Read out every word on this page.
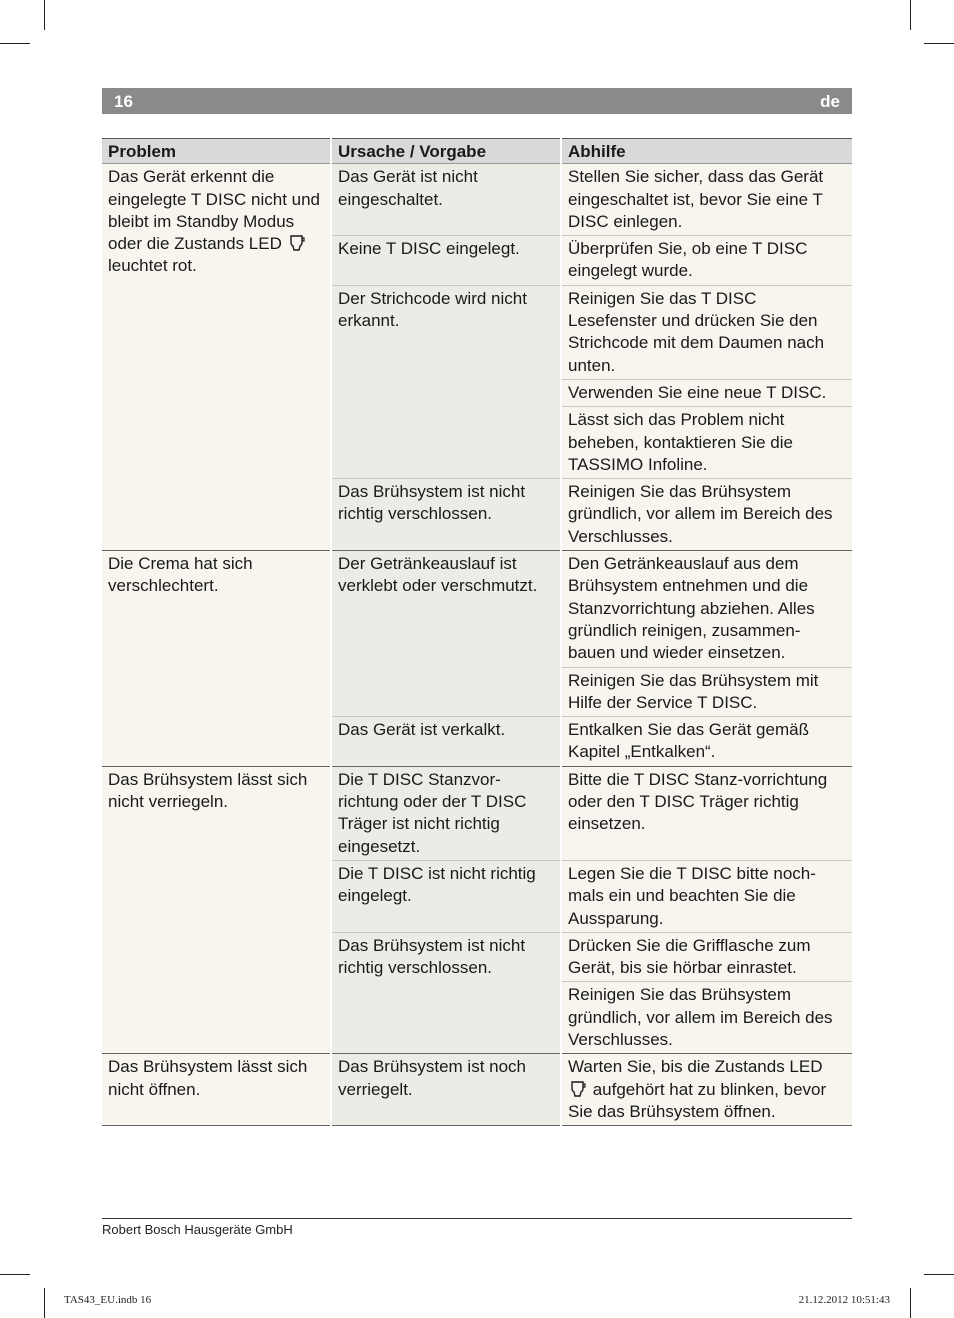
16	de
Problem	Ursache / Vorgabe	Abhilfe
Das Gerät erkennt die eingelegte T DISC nicht und bleibt im Standby Modus oder die Zustands LED  leuchtet rot.	Das Gerät ist nicht eingeschaltet.	Stellen Sie sicher, dass das Gerät eingeschaltet ist, bevor Sie eine T DISC einlegen.
	Keine T DISC eingelegt.	Überprüfen Sie, ob eine T DISC eingelegt wurde.
	Der Strichcode wird nicht erkannt.	Reinigen Sie das T DISC Lesefenster und drücken Sie den Strichcode mit dem Daumen nach unten.
		Verwenden Sie eine neue T DISC.
		Lässt sich das Problem nicht beheben, kontaktieren Sie die TASSIMO Infoline.
	Das Brühsystem ist nicht richtig verschlossen.	Reinigen Sie das Brühsystem gründlich, vor allem im Bereich des Verschlusses.
Die Crema hat sich verschlechtert.	Der Getränkeauslauf ist verklebt oder verschmutzt.	Den Getränkeauslauf aus dem Brühsystem entnehmen und die Stanzvorrichtung abziehen. Alles gründlich reinigen, zusammen-bauen und wieder einsetzen.
		Reinigen Sie das Brühsystem mit Hilfe der Service T DISC.
	Das Gerät ist verkalkt.	Entkalken Sie das Gerät gemäß Kapitel „Entkalken“.
Das Brühsystem lässt sich nicht verriegeln.	Die T DISC Stanzvor-richtung oder der T DISC Träger ist nicht richtig eingesetzt.	Bitte die T DISC Stanz-vorrichtung oder den T DISC Träger richtig einsetzen.
	Die T DISC ist nicht richtig eingelegt.	Legen Sie die T DISC bitte noch-mals ein und beachten Sie die Aussparung.
	Das Brühsystem ist nicht richtig verschlossen.	Drücken Sie die Grifflasche zum Gerät, bis sie hörbar einrastet.
		Reinigen Sie das Brühsystem gründlich, vor allem im Bereich des Verschlusses.
Das Brühsystem lässt sich nicht öffnen.	Das Brühsystem ist noch verriegelt.	Warten Sie, bis die Zustands LED  aufgehört hat zu blinken, bevor Sie das Brühsystem öffnen.
Robert Bosch Hausgeräte GmbH
TAS43_EU.indb 16	21.12.2012 10:51:43
